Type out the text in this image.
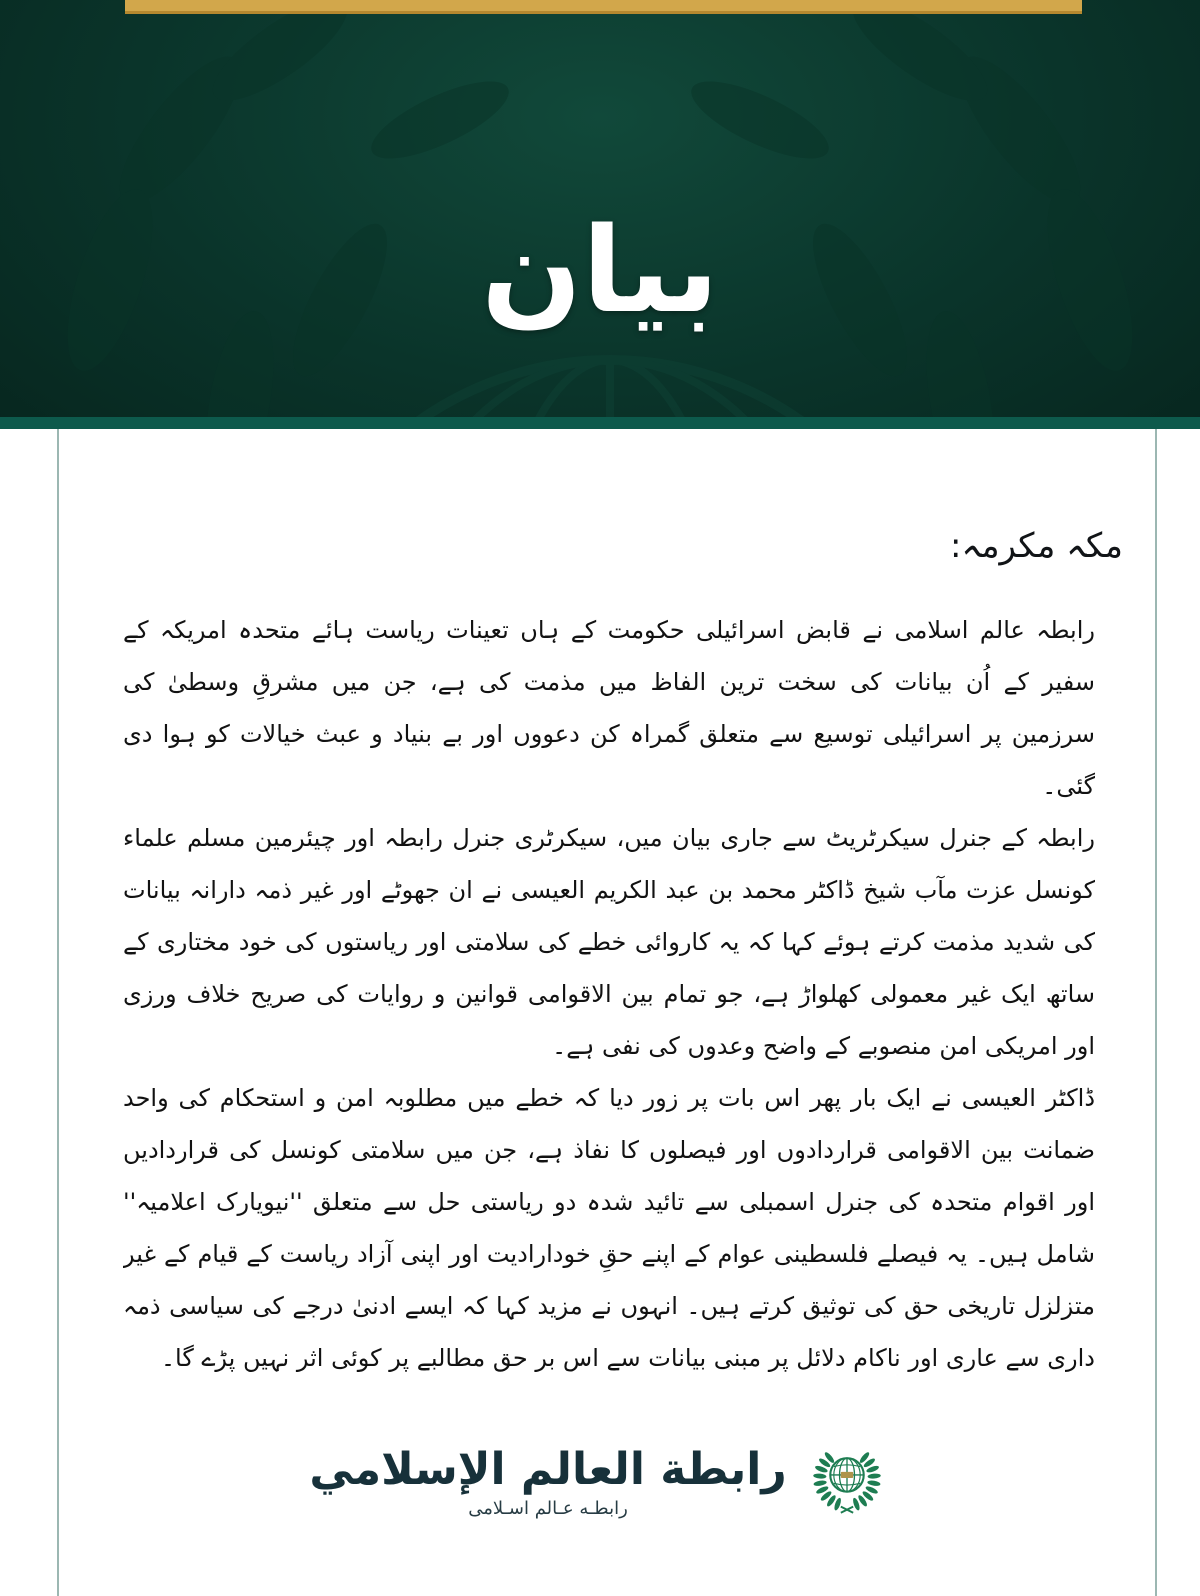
بيان
مکہ مکرمہ:

رابطہ عالم اسلامی نے قابض اسرائیلی حکومت کے ہاں تعینات ریاست ہائے متحدہ امریکہ کے سفیر کے اُن بیانات کی سخت ترین الفاظ میں مذمت کی ہے، جن میں مشرقِ وسطیٰ کی سرزمین پر اسرائیلی توسیع سے متعلق گمراہ کن دعووں اور بے بنیاد و عبث خیالات کو ہوا دی گئی۔

رابطہ کے جنرل سیکرٹریٹ سے جاری بیان میں، سیکرٹری جنرل رابطہ اور چیئرمین مسلم علماء کونسل عزت مآب شیخ ڈاکٹر محمد بن عبد الکریم العیسی نے ان جھوٹے اور غیر ذمہ دارانہ بیانات کی شدید مذمت کرتے ہوئے کہا کہ یہ کاروائی خطے کی سلامتی اور ریاستوں کی خود مختاری کے ساتھ ایک غیر معمولی کھلواڑ ہے، جو تمام بین الاقوامی قوانین و روایات کی صریح خلاف ورزی اور امریکی امن منصوبے کے واضح وعدوں کی نفی ہے۔

ڈاکٹر العیسی نے ایک بار پھر اس بات پر زور دیا کہ خطے میں مطلوبہ امن و استحکام کی واحد ضمانت بین الاقوامی قراردادوں اور فیصلوں کا نفاذ ہے، جن میں سلامتی کونسل کی قراردادیں اور اقوام متحدہ کی جنرل اسمبلی سے تائید شدہ دو ریاستی حل سے متعلق ''نیویارک اعلامیہ'' شامل ہیں۔ یہ فیصلے فلسطینی عوام کے اپنے حقِ خودارادیت اور اپنی آزاد ریاست کے قیام کے غیر متزلزل تاریخی حق کی توثیق کرتے ہیں۔ انہوں نے مزید کہا کہ ایسے ادنیٰ درجے کی سیاسی ذمہ داری سے عاری اور ناکام دلائل پر مبنی بیانات سے اس بر حق مطالبے پر کوئی اثر نہیں پڑے گا۔

رابطة العالم الإسلامي
رابطـه عـالم اسـلامى
